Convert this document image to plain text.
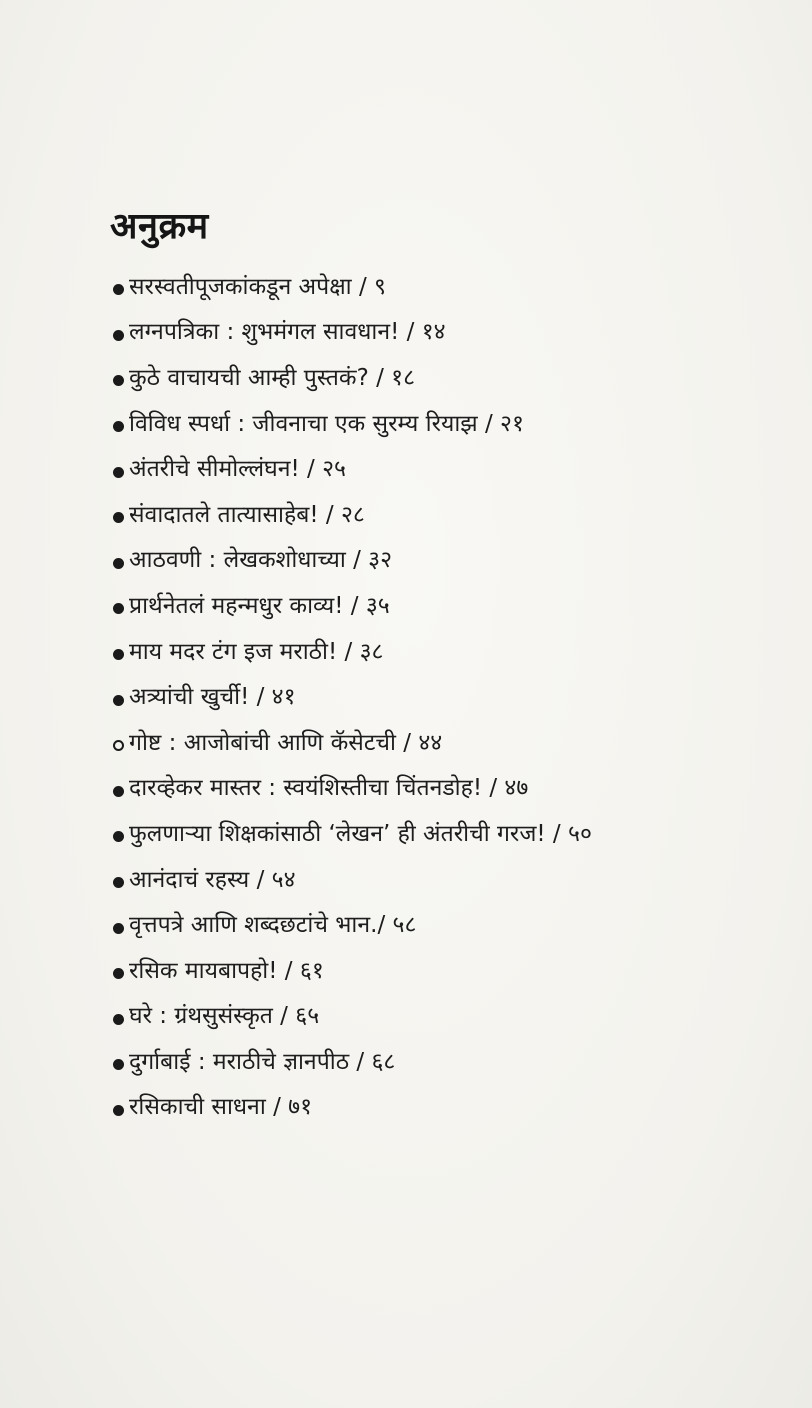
अनुक्रम
सरस्वतीपूजकांकडून अपेक्षा / ९
लग्नपत्रिका : शुभमंगल सावधान! / १४
कुठे वाचायची आम्ही पुस्तकं? / १८
विविध स्पर्धा : जीवनाचा एक सुरम्य रियाझ / २१
अंतरीचे सीमोल्लंघन! / २५
संवादातले तात्यासाहेब! / २८
आठवणी : लेखकशोधाच्या / ३२
प्रार्थनेतलं महन्मधुर काव्य! / ३५
माय मदर टंग इज मराठी! / ३८
अत्र्यांची खुर्ची! / ४१
गोष्ट : आजोबांची आणि कॅसेटची / ४४
दारव्हेकर मास्तर : स्वयंशिस्तीचा चिंतनडोह! / ४७
फुलणाऱ्या शिक्षकांसाठी ‘लेखन’ ही अंतरीची गरज! / ५०
आनंदाचं रहस्य / ५४
वृत्तपत्रे आणि शब्दछटांचे भान./ ५८
रसिक मायबापहो! / ६१
घरे : ग्रंथसुसंस्कृत / ६५
दुर्गाबाई : मराठीचे ज्ञानपीठ / ६८
रसिकाची साधना / ७१
